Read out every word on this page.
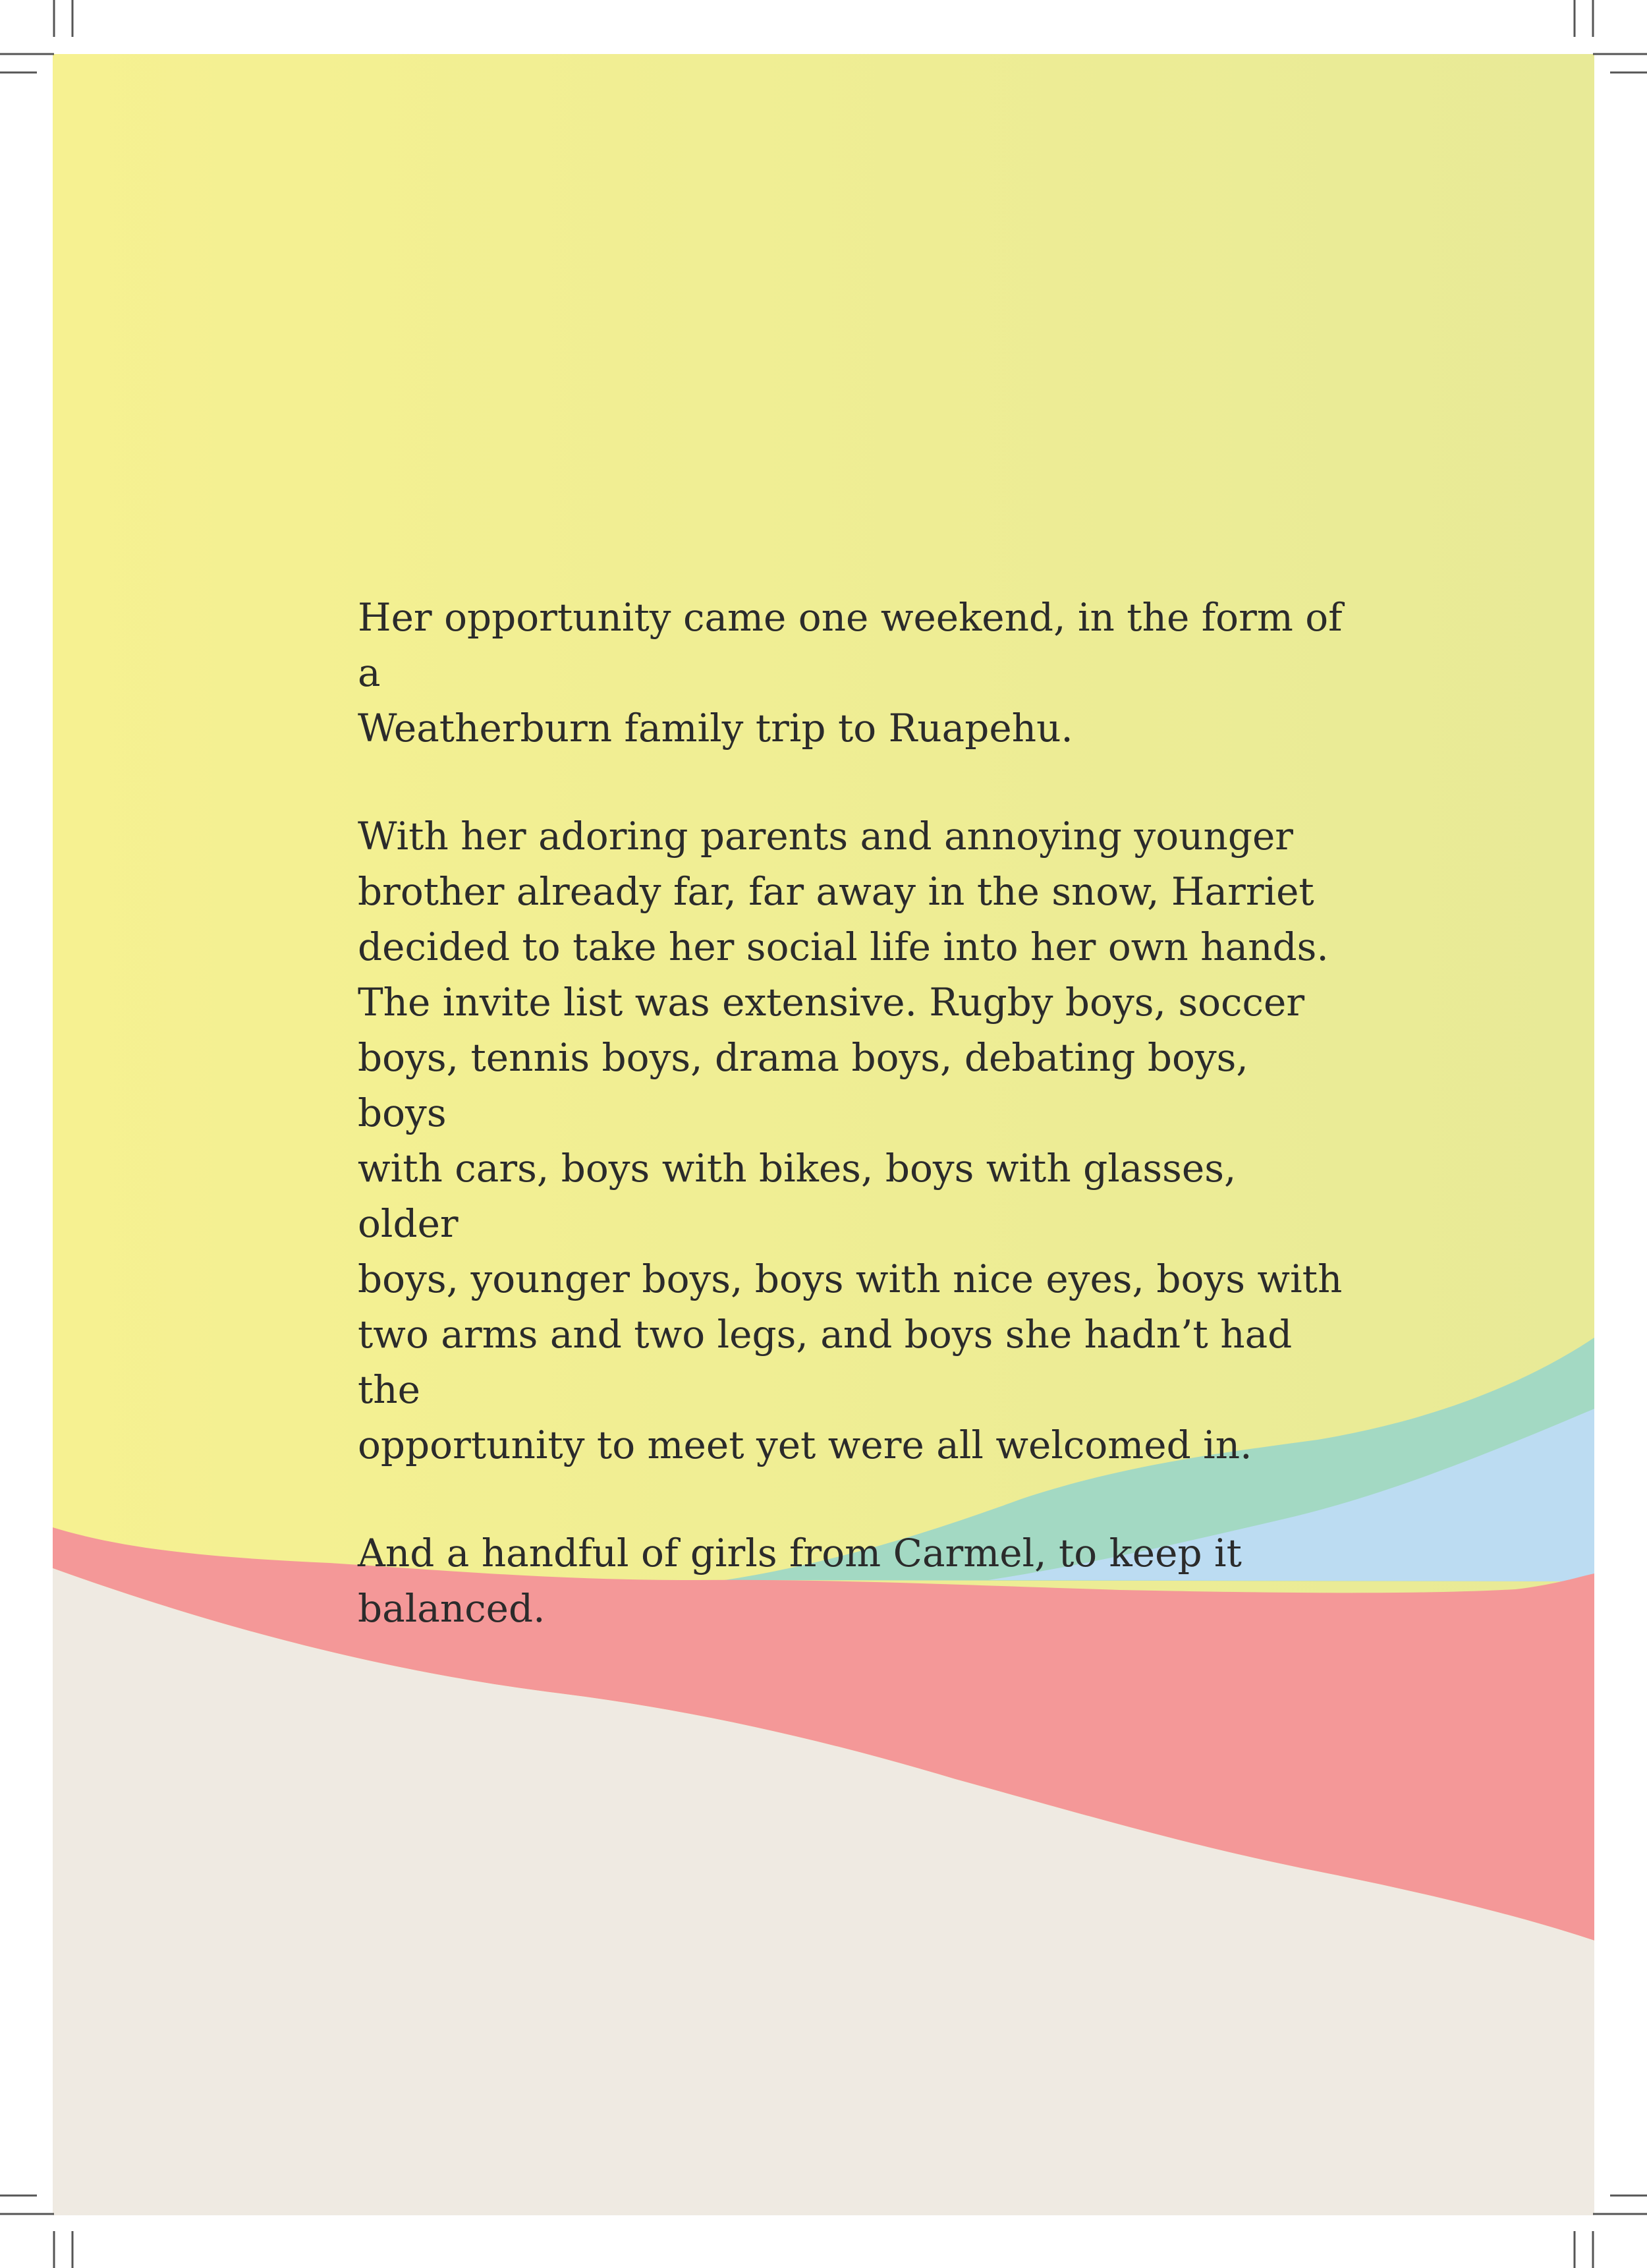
Her opportunity came one weekend, in the form of a
Weatherburn family trip to Ruapehu.

With her adoring parents and annoying younger
brother already far, far away in the snow, Harriet
decided to take her social life into her own hands.
The invite list was extensive. Rugby boys, soccer
boys, tennis boys, drama boys, debating boys, boys
with cars, boys with bikes, boys with glasses, older
boys, younger boys, boys with nice eyes, boys with
two arms and two legs, and boys she hadn’t had the
opportunity to meet yet were all welcomed in.

And a handful of girls from Carmel, to keep it
balanced.
